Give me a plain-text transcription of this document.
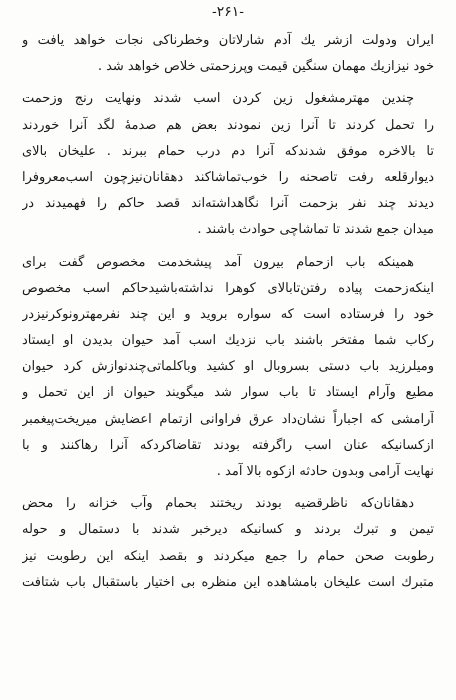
-۲۶۱-
ایران ودولت ازشر یك آدم شارلاتان وخطرناكی نجات خواهد یافت و
خود نیزازیك مهمان سنگین قیمت وپرزحمتی خلاص خواهد شد .
چندین مهترمشغول زین کردن اسب شدند ونهایت رنج وزحمت
را تحمل کردند تا آنرا زین نمودند بعض هم صدمهٔ لگد آنرا خوردند
تا بالاخره موفق شدندکه آنرا دم درب حمام ببرند . علیخان بالای
دیوارقلعه رفت تاصحنه را خوب‌تماشاکند دهقانان‌نیزچون اسب‌معروفرا
دیدند چند نفر بزحمت آنرا نگاهداشته‌اند قصد حاکم را فهمیدند در
میدان جمع شدند تا تماشاچی حوادث باشند .
همینکه باب ازحمام بیرون آمد پیشخدمت مخصوص گفت برای
اینکه‌زحمت پیاده رفتن‌تابالای کوهرا نداشته‌باشیدحاکم اسب مخصوص
خود را فرستاده است که سواره بروید و این چند نفرمهترونوکرنیزدر
رکاب شما مفتخر باشند باب نزدیك اسب آمد حیوان بدیدن او ایستاد
ومیلرزید باب دستی بسروبال او کشید وباکلماتی‌چندنوازش کرد حیوان
مطیع وآرام ایستاد تا باب سوار شد میگویند حیوان از این تحمل و
آرامشی که اجباراً نشان‌داد عرق فراوانی ازتمام اعضایش میریخت‌پیغمبر
ازکسانیکه عنان اسب راگرفته بودند تقاضاکردکه آنرا رهاکنند و با
نهایت آرامی وبدون حادثه ازکوه بالا آمد .
دهقانان‌که ناظرقضیه بودند ریختند بحمام وآب خزانه را محض
تیمن و تبرك بردند و کسانیکه دیرخبر شدند با دستمال و حوله
رطوبت صحن حمام را جمع میکردند و بقصد اینکه این رطوبت نیز
متبرك است علیخان بامشاهده این منظره بی اختیار باستقبال باب شتافت
